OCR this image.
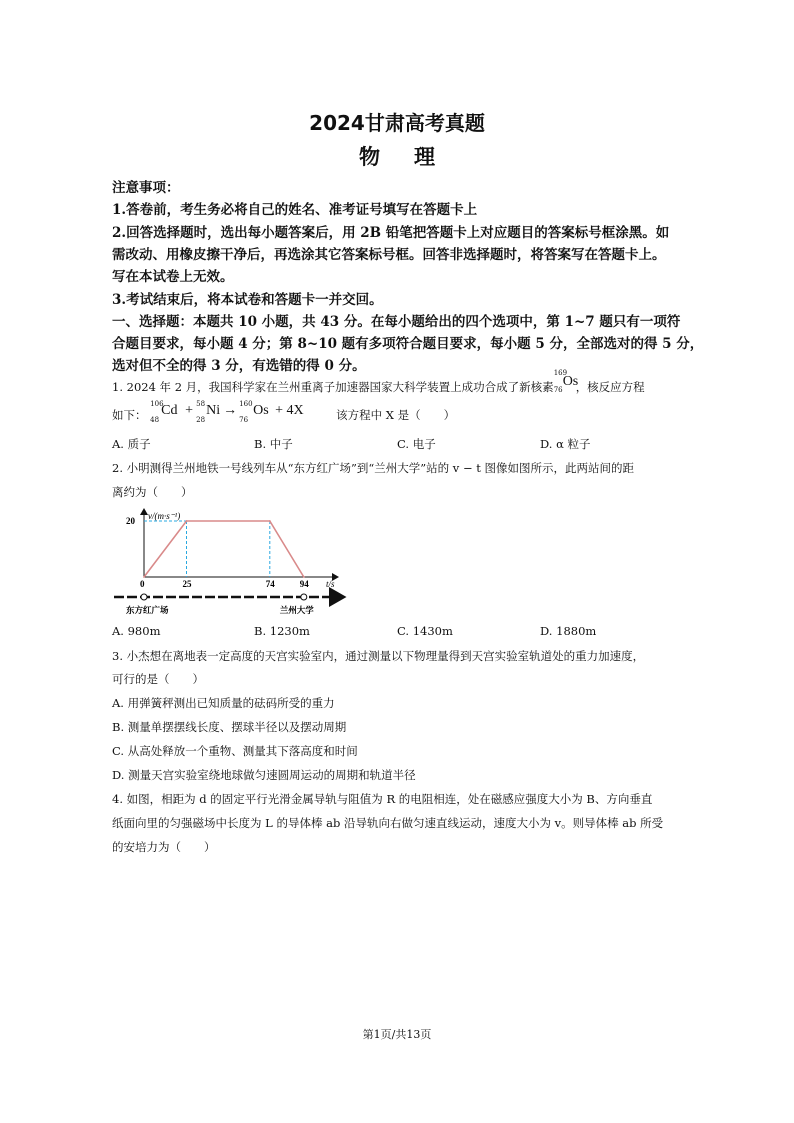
2024甘肃高考真题
物理
注意事项：
1.答卷前，考生务必将自己的姓名、准考证号填写在答题卡上
2.回答选择题时，选出每小题答案后，用 2B 铅笔把答题卡上对应题目的答案标号框涂黑。如
需改动、用橡皮擦干净后，再选涂其它答案标号框。回答非选择题时，将答案写在答题卡上。
写在本试卷上无效。
3.考试结束后，将本试卷和答题卡一并交回。
一、选择题：本题共 10 小题，共 43 分。在每小题给出的四个选项中，第 1~7 题只有一项符
合题目要求，每小题 4 分；第 8~10 题有多项符合题目要求，每小题 5 分，全部选对的得 5 分，
选对但不全的得 3 分，有选错的得 0 分。
1. 2024 年 2 月，我国科学家在兰州重离子加速器国家大科学装置上成功合成了新核素
169
76
Os
，核反应方程
如下：
106
48
Cd + 58
28
Ni → 160
76
Os + 4X	该方程中 X 是（　　）
A. 质子	B. 中子	C. 电子	D. α 粒子
2. 小明测得兰州地铁一号线列车从“东方红广场”到“兰州大学”站的 v − t 图像如图所示，此两站间的距
离约为（　　）
v/(m·s⁻¹)
t/s
0	25	74	94
20
东方红广场	兰州大学
A. 980m	B. 1230m	C. 1430m	D. 1880m
3. 小杰想在离地表一定高度的天宫实验室内，通过测量以下物理量得到天宫实验室轨道处的重力加速度，
可行的是（　　）
A. 用弹簧秤测出已知质量的砝码所受的重力
B. 测量单摆摆线长度、摆球半径以及摆动周期
C. 从高处释放一个重物、测量其下落高度和时间
D. 测量天宫实验室绕地球做匀速圆周运动的周期和轨道半径
4. 如图，相距为 d 的固定平行光滑金属导轨与阻值为 R 的电阻相连，处在磁感应强度大小为 B、方向垂直
纸面向里的匀强磁场中长度为 L 的导体棒 ab 沿导轨向右做匀速直线运动，速度大小为 v。则导体棒 ab 所受
的安培力为（　　）
第1页/共13页
